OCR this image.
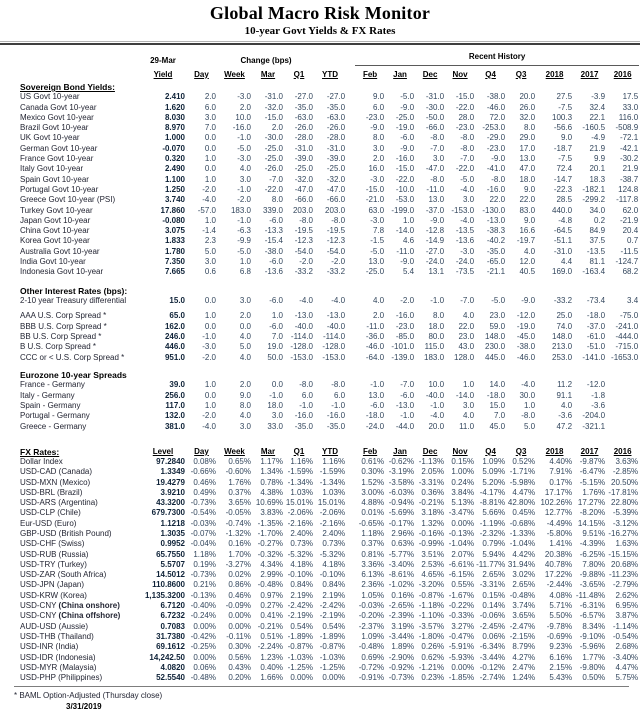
Global Macro Risk Monitor
10-year Govt Yields & FX Rates
	29-Mar	Change (bps)						Recent History								
	Yield	Day	Week	Mar	Q1	YTD		Feb	Jan	Dec	Nov	Q4	Q3	2018	2017	2016
Sovereign Bond Yields:																
US Govt 10-year	2.410	2.0	-3.0	-31.0	-27.0	-27.0		9.0	-5.0	-31.0	-15.0	-38.0	20.0	27.5	-3.9	17.5
Canada Govt 10-year	1.620	6.0	2.0	-32.0	-35.0	-35.0		6.0	-9.0	-30.0	-22.0	-46.0	26.0	-7.5	32.4	33.0
Mexico Govt 10-year	8.030	3.0	10.0	-15.0	-63.0	-63.0		-23.0	-25.0	-50.0	28.0	72.0	32.0	100.3	22.1	116.0
Brazil Govt 10-year	8.970	7.0	-16.0	2.0	-26.0	-26.0		-9.0	-19.0	-66.0	-23.0	-253.0	8.0	-56.6	-160.5	-508.9
UK Govt 10-year	1.000	0.0	-1.0	-30.0	-28.0	-28.0		8.0	-6.0	-8.0	-8.0	-29.0	29.0	9.0	-4.9	-72.1
German Govt 10-year	-0.070	0.0	-5.0	-25.0	-31.0	-31.0		3.0	-9.0	-7.0	-8.0	-23.0	17.0	-18.7	21.9	-42.1
France Govt 10-year	0.320	1.0	-3.0	-25.0	-39.0	-39.0		2.0	-16.0	3.0	-7.0	-9.0	13.0	-7.5	9.9	-30.2
Italy Govt 10-year	2.490	0.0	4.0	-26.0	-25.0	-25.0		16.0	-15.0	-47.0	-22.0	-41.0	47.0	72.4	20.1	21.9
Spain Govt 10-year	1.100	1.0	3.0	-7.0	-32.0	-32.0		-3.0	-22.0	-8.0	-5.0	-8.0	18.0	-14.7	18.3	-38.7
Portugal Govt 10-year	1.250	-2.0	-1.0	-22.0	-47.0	-47.0		-15.0	-10.0	-11.0	-4.0	-16.0	9.0	-22.3	-182.1	124.8
Greece Govt 10-year (PSI)	3.740	-4.0	-2.0	8.0	-66.0	-66.0		-21.0	-53.0	13.0	3.0	22.0	22.0	28.5	-299.2	-117.8
Turkey Govt 10-year	17.860	-57.0	183.0	339.0	203.0	203.0		63.0	-199.0	-37.0	-153.0	-130.0	83.0	440.0	34.0	62.0
Japan Govt 10-year	-0.080	1.0	-1.0	-6.0	-8.0	-8.0		-3.0	1.0	-9.0	-4.0	-13.0	9.0	-4.8	0.2	-21.9
China Govt 10-year	3.075	-1.4	-6.3	-13.3	-19.5	-19.5		7.8	-14.0	-12.8	-13.5	-38.3	16.6	-64.5	84.9	20.4
Korea Govt 10-year	1.833	2.3	-9.9	-15.4	-12.3	-12.3		-1.5	4.6	-14.9	-13.6	-40.2	-19.7	-51.1	37.5	0.7
Australia Govt 10-year	1.780	5.0	-5.0	-38.0	-54.0	-54.0		-5.0	-11.0	-27.0	-3.0	-35.0	4.0	-31.0	-13.5	-11.5
India Govt 10-year	7.350	3.0	1.0	-6.0	-2.0	-2.0		13.0	-9.0	-24.0	-24.0	-65.0	12.0	4.4	81.1	-124.7
Indonesia Govt 10-year	7.665	0.6	6.8	-13.6	-33.2	-33.2		-25.0	5.4	13.1	-73.5	-21.1	40.5	169.0	-163.4	68.2

Other Interest Rates (bps):																
2-10 year Treasury differential	15.0	0.0	3.0	-6.0	-4.0	-4.0		4.0	-2.0	-1.0	-7.0	-5.0	-9.0	-33.2	-73.4	3.4

AAA U.S. Corp Spread *	65.0	1.0	2.0	1.0	-13.0	-13.0		2.0	-16.0	8.0	4.0	23.0	-12.0	25.0	-18.0	-75.0
BBB U.S. Corp Spread *	162.0	0.0	0.0	-6.0	-40.0	-40.0		-11.0	-23.0	18.0	22.0	59.0	-19.0	74.0	-37.0	-241.0
BB U.S. Corp Spread *	246.0	-1.0	4.0	7.0	-114.0	-114.0		-36.0	-85.0	80.0	23.0	148.0	-45.0	148.0	-61.0	-444.0
B U.S. Corp Spread *	446.0	-3.0	5.0	19.0	-128.0	-128.0		-46.0	-101.0	115.0	43.0	230.0	-38.0	213.0	-51.0	-715.0
CCC or < U.S. Corp Spread *	951.0	-2.0	4.0	50.0	-153.0	-153.0		-64.0	-139.0	183.0	128.0	445.0	-46.0	253.0	-141.0	-1653.0

Eurozone 10-year Spreads																
France - Germany	39.0	1.0	2.0	0.0	-8.0	-8.0		-1.0	-7.0	10.0	1.0	14.0	-4.0	11.2	-12.0	
Italy - Germany	256.0	0.0	9.0	-1.0	6.0	6.0		13.0	-6.0	-40.0	-14.0	-18.0	30.0	91.1	-1.8	
Spain - Germany	117.0	1.0	8.0	18.0	-1.0	-1.0		-6.0	-13.0	-1.0	3.0	15.0	1.0	4.0	-3.6	
Portugal - Germany	132.0	-2.0	4.0	3.0	-16.0	-16.0		-18.0	-1.0	-4.0	4.0	7.0	-8.0	-3.6	-204.0	
Greece - Germany	381.0	-4.0	3.0	33.0	-35.0	-35.0		-24.0	-44.0	20.0	11.0	45.0	5.0	47.2	-321.1	

FX Rates:	Level	Day	Week	Mar	Q1	YTD		Feb	Jan	Dec	Nov	Q4	Q3	2018	2017	2016
Dollar Index	97.2840	0.08%	0.65%	1.17%	1.16%	1.16%		0.61%	-0.62%	-1.13%	0.15%	1.09%	0.52%	4.40%	-9.87%	3.63%
USD-CAD (Canada)	1.3349	-0.66%	-0.60%	1.34%	-1.59%	-1.59%		0.30%	-3.19%	2.05%	1.00%	5.09%	-1.71%	7.91%	-6.47%	-2.85%
USD-MXN (Mexico)	19.4279	0.46%	1.76%	0.78%	-1.34%	-1.34%		1.52%	-3.58%	-3.31%	0.24%	5.20%	-5.98%	0.17%	-5.15%	20.50%
USD-BRL (Brazil)	3.9210	0.49%	0.37%	4.38%	1.03%	1.03%		3.00%	-6.03%	0.36%	3.84%	-4.17%	4.47%	17.17%	1.76%	-17.81%
USD-ARS (Argentina)	43.3200	-0.73%	3.65%	10.69%	15.01%	15.01%		4.88%	-0.94%	-0.21%	5.13%	-8.81%	42.80%	102.26%	17.27%	22.80%
USD-CLP (Chile)	679.7300	-0.54%	-0.05%	3.83%	-2.06%	-2.06%		0.01%	-5.69%	3.18%	-3.47%	5.66%	0.45%	12.77%	-8.20%	-5.39%
Eur-USD (Euro)	1.1218	-0.03%	-0.74%	-1.35%	-2.16%	-2.16%		-0.65%	-0.17%	1.32%	0.00%	-1.19%	-0.68%	-4.49%	14.15%	-3.12%
GBP-USD (British Pound)	1.3035	-0.07%	-1.32%	-1.70%	2.40%	2.40%		1.18%	2.96%	-0.16%	-0.13%	-2.32%	-1.33%	-5.80%	9.51%	-16.27%
USD-CHF (Swiss)	0.9952	-0.04%	0.16%	-0.27%	0.73%	0.73%		0.37%	0.63%	-0.99%	-1.04%	0.79%	-1.04%	1.41%	-4.39%	1.63%
USD-RUB (Russia)	65.7550	1.18%	1.70%	-0.32%	-5.32%	-5.32%		0.81%	-5.77%	3.51%	2.07%	5.94%	4.42%	20.38%	-6.25%	-15.15%
USD-TRY (Turkey)	5.5707	0.19%	-3.27%	4.34%	4.18%	4.18%		3.36%	-3.40%	2.53%	-6.61%	-11.77%	31.94%	40.78%	7.80%	20.68%
USD-ZAR (South Africa)	14.5012	-0.73%	0.02%	2.99%	-0.10%	-0.10%		6.13%	-8.61%	4.65%	-6.15%	2.65%	3.02%	17.22%	-9.88%	-11.23%
USD-JPN (Japan)	110.8600	0.21%	0.86%	-0.48%	0.84%	0.84%		2.36%	-1.02%	-3.20%	0.55%	-3.31%	2.65%	-2.44%	-3.65%	-2.79%
USD-KRW (Korea)	1,135.3200	-0.13%	0.46%	0.97%	2.19%	2.19%		1.05%	0.16%	-0.87%	-1.67%	0.15%	-0.48%	4.08%	-11.48%	2.62%
USD-CNY (China onshore)	6.7120	-0.40%	-0.09%	0.27%	-2.42%	-2.42%		-0.03%	-2.65%	-1.18%	-0.22%	0.14%	3.74%	5.71%	-6.31%	6.95%
USD-CNY (China offshore)	6.7232	-0.24%	0.00%	0.41%	-2.19%	-2.19%		-0.20%	-2.39%	-1.10%	-0.33%	-0.06%	3.65%	5.50%	-6.57%	3.87%
AUD-USD (Aussie)	0.7083	0.00%	0.00%	-0.21%	0.54%	0.54%		-2.37%	3.19%	-3.57%	3.27%	-2.45%	-2.47%	-9.78%	8.34%	-1.14%
USD-THB (Thailand)	31.7380	-0.42%	-0.11%	0.51%	-1.89%	-1.89%		1.09%	-3.44%	-1.80%	-0.47%	0.06%	-2.15%	-0.69%	-9.10%	-0.54%
USD-INR (India)	69.1612	-0.25%	0.30%	-2.24%	-0.87%	-0.87%		-0.48%	1.89%	0.26%	-5.91%	-6.34%	8.79%	9.23%	-5.96%	2.68%
USD-IDR (Indonesia)	14,242.50	0.00%	0.56%	1.23%	-1.03%	-1.03%		0.69%	-2.90%	0.62%	-5.93%	-3.44%	4.27%	6.16%	1.77%	-3.40%
USD-MYR (Malaysia)	4.0820	0.06%	0.43%	0.40%	-1.25%	-1.25%		-0.72%	-0.92%	-1.21%	0.00%	-0.12%	2.47%	2.15%	-9.80%	4.47%
USD-PHP (Philippines)	52.5540	-0.48%	0.20%	1.66%	0.00%	0.00%		-0.91%	-0.73%	0.23%	-1.85%	-2.74%	1.24%	5.43%	0.50%	5.75%
* BAML Option-Adjusted (Thursday close)
3/31/2019
